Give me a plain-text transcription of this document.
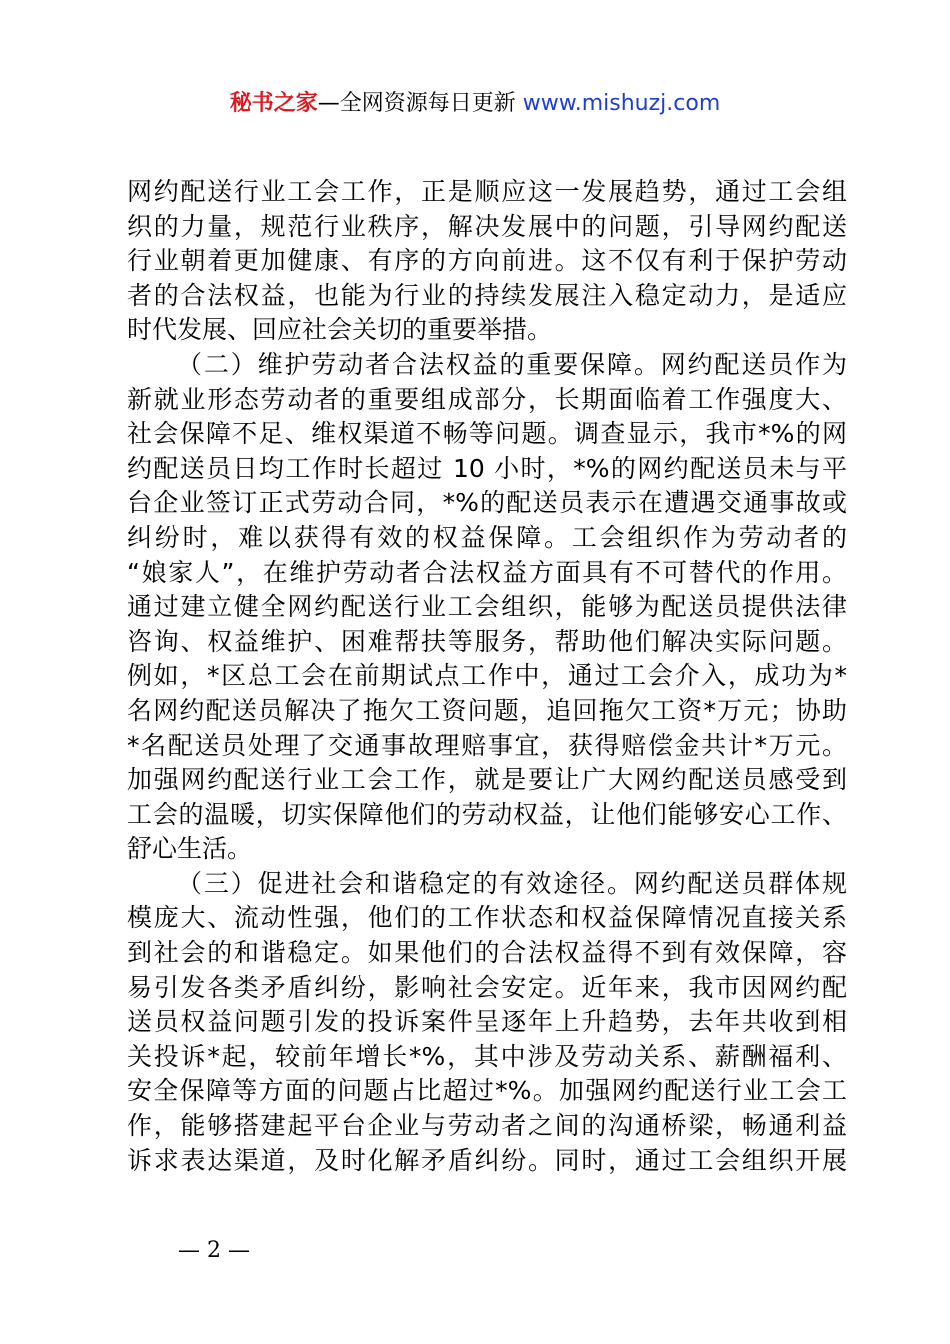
秘书之家—全网资源每日更新 www.mishuzj.com
网约配送行业工会工作，正是顺应这一发展趋势，通过工会组
织的力量，规范行业秩序，解决发展中的问题，引导网约配送
行业朝着更加健康、有序的方向前进。这不仅有利于保护劳动
者的合法权益，也能为行业的持续发展注入稳定动力，是适应
时代发展、回应社会关切的重要举措。
（二）维护劳动者合法权益的重要保障。网约配送员作为
新就业形态劳动者的重要组成部分，长期面临着工作强度大、
社会保障不足、维权渠道不畅等问题。调查显示，我市*%的网
约配送员日均工作时长超过 10 小时，*%的网约配送员未与平
台企业签订正式劳动合同，*%的配送员表示在遭遇交通事故或
纠纷时，难以获得有效的权益保障。工会组织作为劳动者的
“娘家人”，在维护劳动者合法权益方面具有不可替代的作用。
通过建立健全网约配送行业工会组织，能够为配送员提供法律
咨询、权益维护、困难帮扶等服务，帮助他们解决实际问题。
例如，*区总工会在前期试点工作中，通过工会介入，成功为*
名网约配送员解决了拖欠工资问题，追回拖欠工资*万元；协助
*名配送员处理了交通事故理赔事宜，获得赔偿金共计*万元。
加强网约配送行业工会工作，就是要让广大网约配送员感受到
工会的温暖，切实保障他们的劳动权益，让他们能够安心工作、
舒心生活。
（三）促进社会和谐稳定的有效途径。网约配送员群体规
模庞大、流动性强，他们的工作状态和权益保障情况直接关系
到社会的和谐稳定。如果他们的合法权益得不到有效保障，容
易引发各类矛盾纠纷，影响社会安定。近年来，我市因网约配
送员权益问题引发的投诉案件呈逐年上升趋势，去年共收到相
关投诉*起，较前年增长*%，其中涉及劳动关系、薪酬福利、
安全保障等方面的问题占比超过*%。加强网约配送行业工会工
作，能够搭建起平台企业与劳动者之间的沟通桥梁，畅通利益
诉求表达渠道，及时化解矛盾纠纷。同时，通过工会组织开展
— 2 —
